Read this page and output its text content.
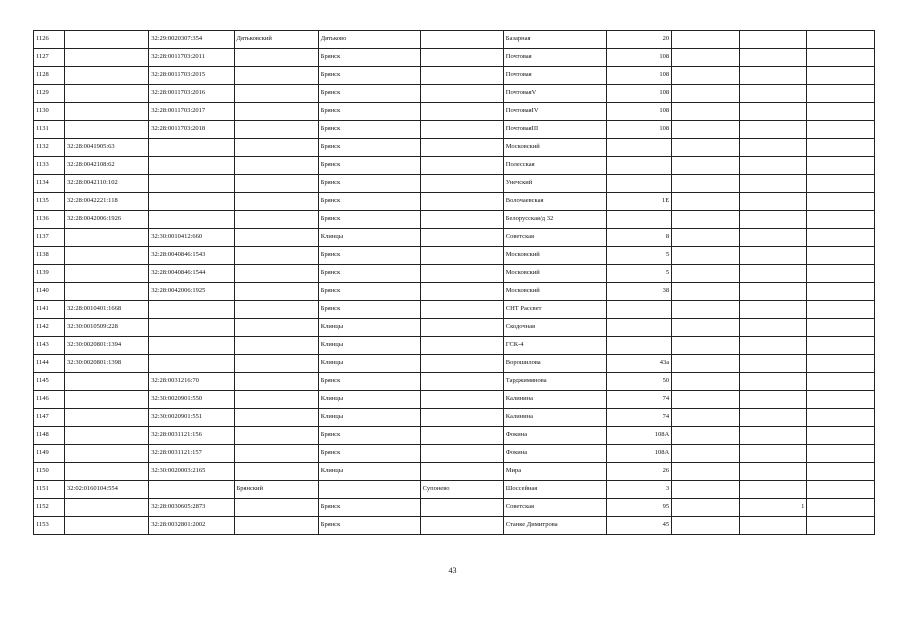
1126		32:29:0020307:354	Дятьковский	Дятьково		Базарная	20			
1127		32:28:0011703:2011		Брянск		Почтовая	108			
1128		32:28:0011703:2015		Брянск		Почтовая	108			
1129		32:28:0011703:2016		Брянск		ПочтоваяV	108			
1130		32:28:0011703:2017		Брянск		ПочтоваяIV	108			
1131		32:28:0011703:2018		Брянск		ПочтоваяIII	108			
1132	32:28:0041905:63			Брянск		Московский				
1133	32:28:0042108:62			Брянск		Полесская				
1134	32:28:0042110:102			Брянск		Унечский				
1135	32:28:0042221:118			Брянск		Волочаевская	1Е			
1136	32:28:0042006:1926			Брянск		Белорусская/д 32				
1137		32:30:0010412:660		Клинцы		Советская	8			
1138		32:28:0040846:1543		Брянск		Московский	5			
1139		32:28:0040846:1544		Брянск		Московский	5			
1140		32:28:0042006:1925		Брянск		Московский	38			
1141	32:28:0010401:1668			Брянск		СНТ Рассвет				
1142	32:30:0010509:228			Клинцы		Скодочная				
1143	32:30:0020801:1394			Клинцы		ГСК-4				
1144	32:30:0020801:1398			Клинцы		Ворошилова	43а			
1145		32:28:0031216:70		Брянск		Тарджимянова	50			
1146		32:30:0020901:550		Клинцы		Калинина	74			
1147		32:30:0020901:551		Клинцы		Калинина	74			
1148		32:28:0031121:156		Брянск		Фокина	108А			
1149		32:28:0031121:157		Брянск		Фокина	108А			
1150		32:30:0020003:2165		Клинцы		Мира	26			
1151	32:02:0160104:554		Брянский		Супонево	Шоссейная	3			
1152		32:28:0030605:2873		Брянск		Советская	95		1	
1153		32:28:0032801:2002		Брянск		Станке Димитрова	45			
43
